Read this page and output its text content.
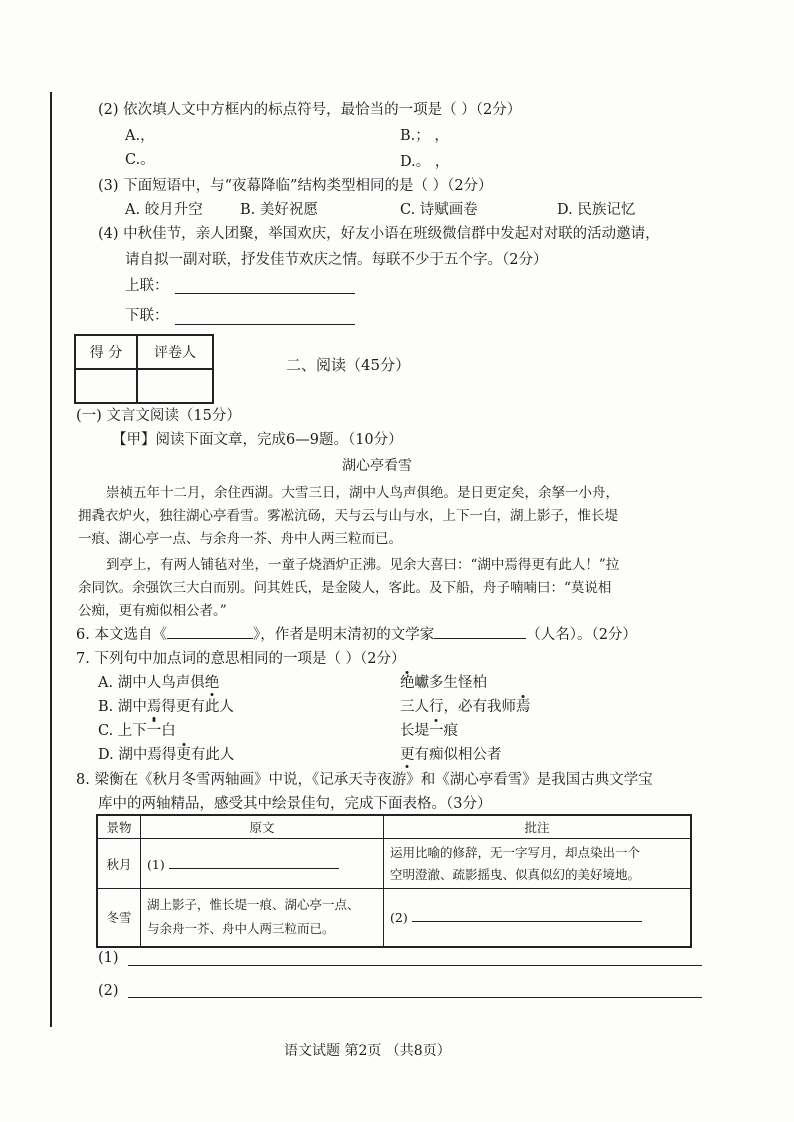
(2) 依次填人文中方框内的标点符号，最恰当的一项是（ ）（2分）
A.，	B.； ，
C.。	D.。 ，
(3) 下面短语中，与“夜幕降临”结构类型相同的是（ ）（2分）
A. 皎月升空	B. 美好祝愿	C. 诗赋画卷	D. 民族记忆
(4) 中秋佳节，亲人团聚，举国欢庆，好友小语在班级微信群中发起对对联的活动邀请，
请自拟一副对联，抒发佳节欢庆之情。每联不少于五个字。（2分）
上联：
下联：
得 分	评卷人

二、阅读（45分）
(一) 文言文阅读（15分）
【甲】阅读下面文章，完成6—9题。（10分）
湖心亭看雪
崇祯五年十二月，余住西湖。大雪三日，湖中人鸟声俱绝。是日更定矣，余拏一小舟，
拥毳衣炉火，独往湖心亭看雪。雾凇沆砀，天与云与山与水，上下一白，湖上影子，惟长堤
一痕、湖心亭一点、与余舟一芥、舟中人两三粒而已。
到亭上，有两人铺毡对坐，一童子烧酒炉正沸。见余大喜曰：“湖中焉得更有此人！”拉
余同饮。余强饮三大白而别。问其姓氏，是金陵人，客此。及下船，舟子喃喃曰：“莫说相
公痴，更有痴似相公者。”
6. 本文选自《	》，作者是明末清初的文学家	（人名）。（2分）
7. 下列句中加点词的意思相同的一项是（ ）（2分）
A. 湖中人鸟声俱绝	绝巘多生怪柏
B. 湖中焉得更有此人	三人行，必有我师焉
C. 上下一白	长堤一痕
D. 湖中焉得更有此人	更有痴似相公者
8. 梁衡在《秋月冬雪两轴画》中说，《记承天寺夜游》和《湖心亭看雪》是我国古典文学宝
库中的两轴精品，感受其中绘景佳句，完成下面表格。（3分）
景物	原文	批注
秋月	(1)	运用比喻的修辞，无一字写月，却点染出一个
空明澄澈、疏影摇曳、似真似幻的美好境地。

冬雪	湖上影子，惟长堤一痕、湖心亭一点、
与余舟一芥、舟中人两三粒而已。	(2)
(1)
(2)
语文试题 第2页 （共8页）
